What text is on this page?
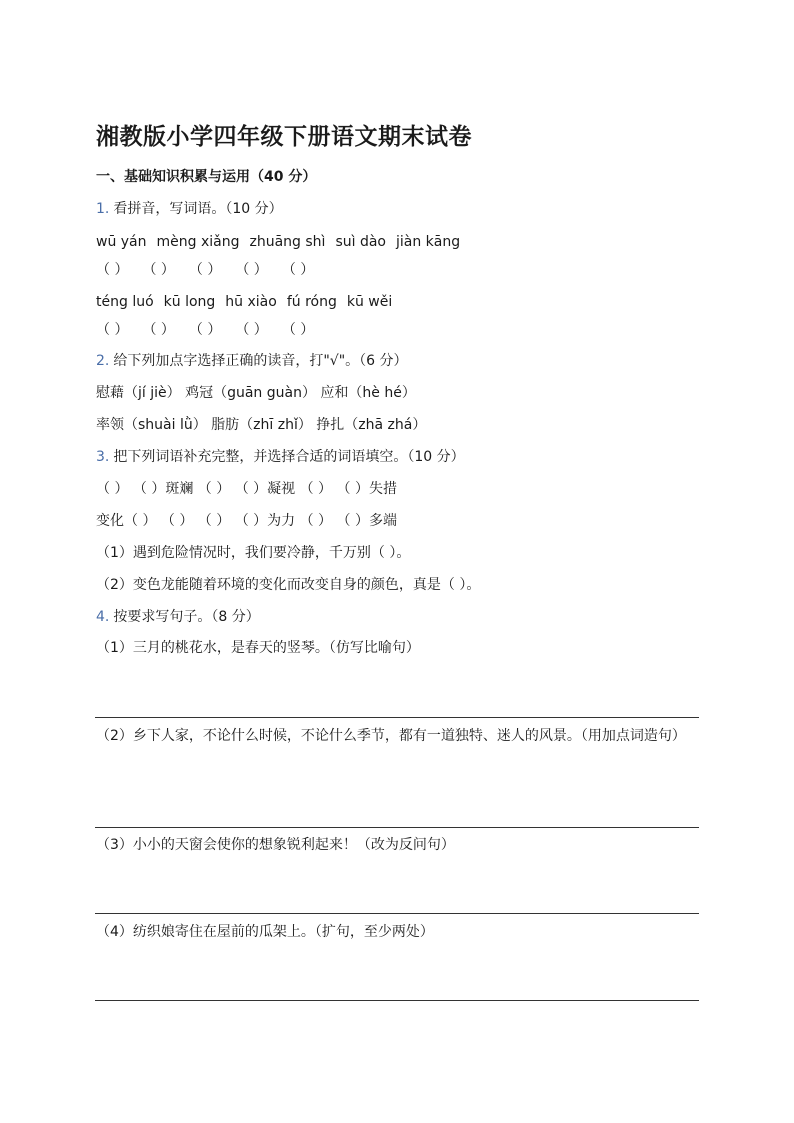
湘教版小学四年级下册语文期末试卷
一、基础知识积累与运用（40 分）
1. 看拼音，写词语。（10 分）
wū yán mèng xiǎng zhuāng shì suì dào jiàn kāng
（ ） （ ） （ ） （ ） （ ）
téng luó kū long hū xiào fú róng kū wěi
（ ） （ ） （ ） （ ） （ ）
2. 给下列加点字选择正确的读音，打"√"。（6 分）
慰藉（jí jiè） 鸡冠（guān guàn） 应和（hè hé）
率领（shuài lǜ） 脂肪（zhī zhǐ） 挣扎（zhā zhá）
3. 把下列词语补充完整，并选择合适的词语填空。（10 分）
（ ） （ ）斑斓 （ ） （ ）凝视 （ ） （ ）失措
变化（ ） （ ） （ ） （ ）为力 （ ） （ ）多端
（1）遇到危险情况时，我们要冷静，千万别（ ）。
（2）变色龙能随着环境的变化而改变自身的颜色，真是（ ）。
4. 按要求写句子。（8 分）
（1）三月的桃花水，是春天的竖琴。（仿写比喻句）
（2）乡下人家，不论什么时候，不论什么季节，都有一道独特、迷人的风景。（用加点词造句）
（3）小小的天窗会使你的想象锐利起来！（改为反问句）
（4）纺织娘寄住在屋前的瓜架上。（扩句，至少两处）
